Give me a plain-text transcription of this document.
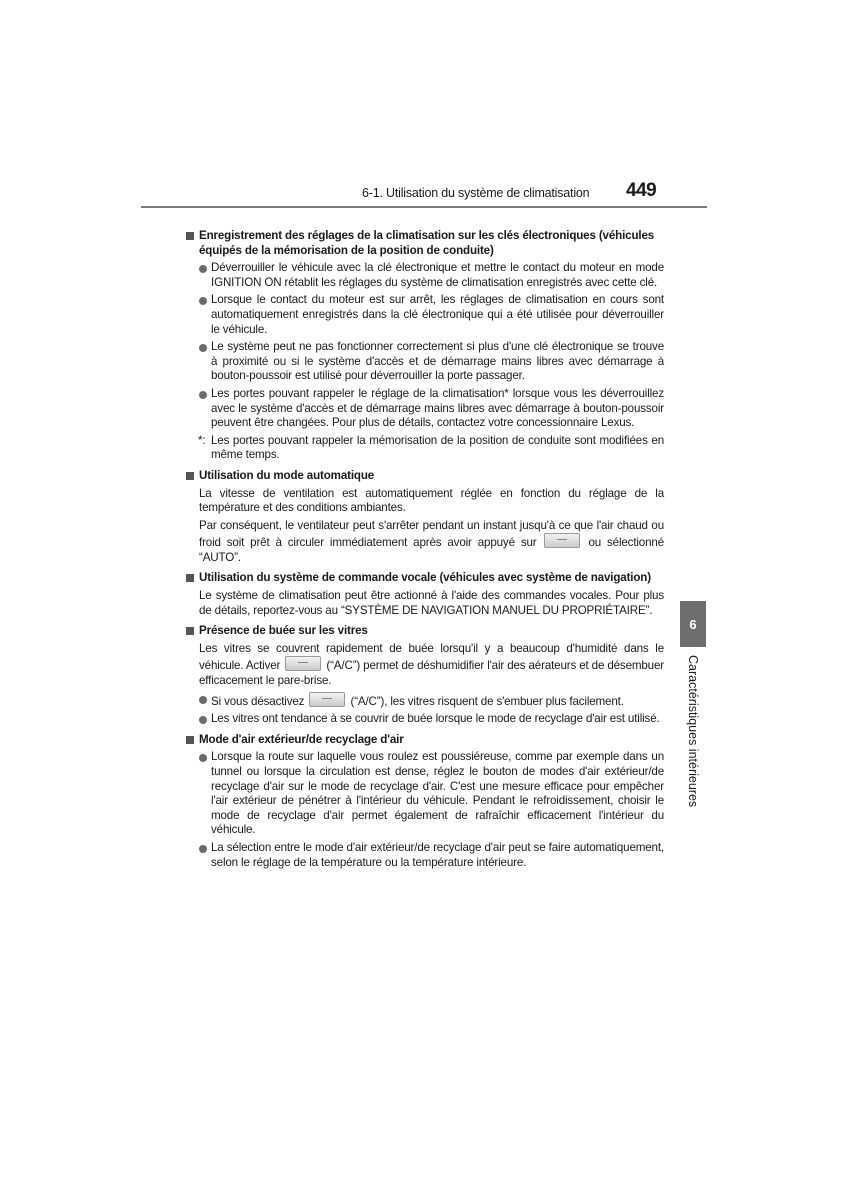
6-1. Utilisation du système de climatisation 449
6
Caractéristiques intérieures
Enregistrement des réglages de la climatisation sur les clés électroniques (véhicules équipés de la mémorisation de la position de conduite)
Déverrouiller le véhicule avec la clé électronique et mettre le contact du moteur en mode IGNITION ON rétablit les réglages du système de climatisation enregistrés avec cette clé.
Lorsque le contact du moteur est sur arrêt, les réglages de climatisation en cours sont automatiquement enregistrés dans la clé électronique qui a été utilisée pour déverrouiller le véhicule.
Le système peut ne pas fonctionner correctement si plus d'une clé électronique se trouve à proximité ou si le système d'accès et de démarrage mains libres avec démarrage à bouton-poussoir est utilisé pour déverrouiller la porte passager.
Les portes pouvant rappeler le réglage de la climatisation* lorsque vous les déverrouillez avec le système d'accès et de démarrage mains libres avec démarrage à bouton-poussoir peuvent être changées. Pour plus de détails, contactez votre concessionnaire Lexus.
*: Les portes pouvant rappeler la mémorisation de la position de conduite sont modifiées en même temps.
Utilisation du mode automatique
La vitesse de ventilation est automatiquement réglée en fonction du réglage de la température et des conditions ambiantes.
Par conséquent, le ventilateur peut s'arrêter pendant un instant jusqu'à ce que l'air chaud ou froid soit prêt à circuler immédiatement après avoir appuyé sur	ou sélectionné “AUTO”.
Utilisation du système de commande vocale (véhicules avec système de navigation)
Le système de climatisation peut être actionné à l'aide des commandes vocales. Pour plus de détails, reportez-vous au “SYSTÈME DE NAVIGATION MANUEL DU PROPRIÉTAIRE”.
Présence de buée sur les vitres
Les vitres se couvrent rapidement de buée lorsqu'il y a beaucoup d'humidité dans le véhicule. Activer	(“A/C”) permet de déshumidifier l'air des aérateurs et de désembuer efficacement le pare-brise.
Si vous désactivez	(“A/C”), les vitres risquent de s'embuer plus facilement.
Les vitres ont tendance à se couvrir de buée lorsque le mode de recyclage d'air est utilisé.
Mode d'air extérieur/de recyclage d'air
Lorsque la route sur laquelle vous roulez est poussiéreuse, comme par exemple dans un tunnel ou lorsque la circulation est dense, réglez le bouton de modes d'air extérieur/de recyclage d'air sur le mode de recyclage d'air. C'est une mesure efficace pour empêcher l'air extérieur de pénétrer à l'intérieur du véhicule. Pendant le refroidissement, choisir le mode de recyclage d'air permet également de rafraîchir efficacement l'intérieur du véhicule.
La sélection entre le mode d'air extérieur/de recyclage d'air peut se faire automatiquement, selon le réglage de la température ou la température intérieure.
